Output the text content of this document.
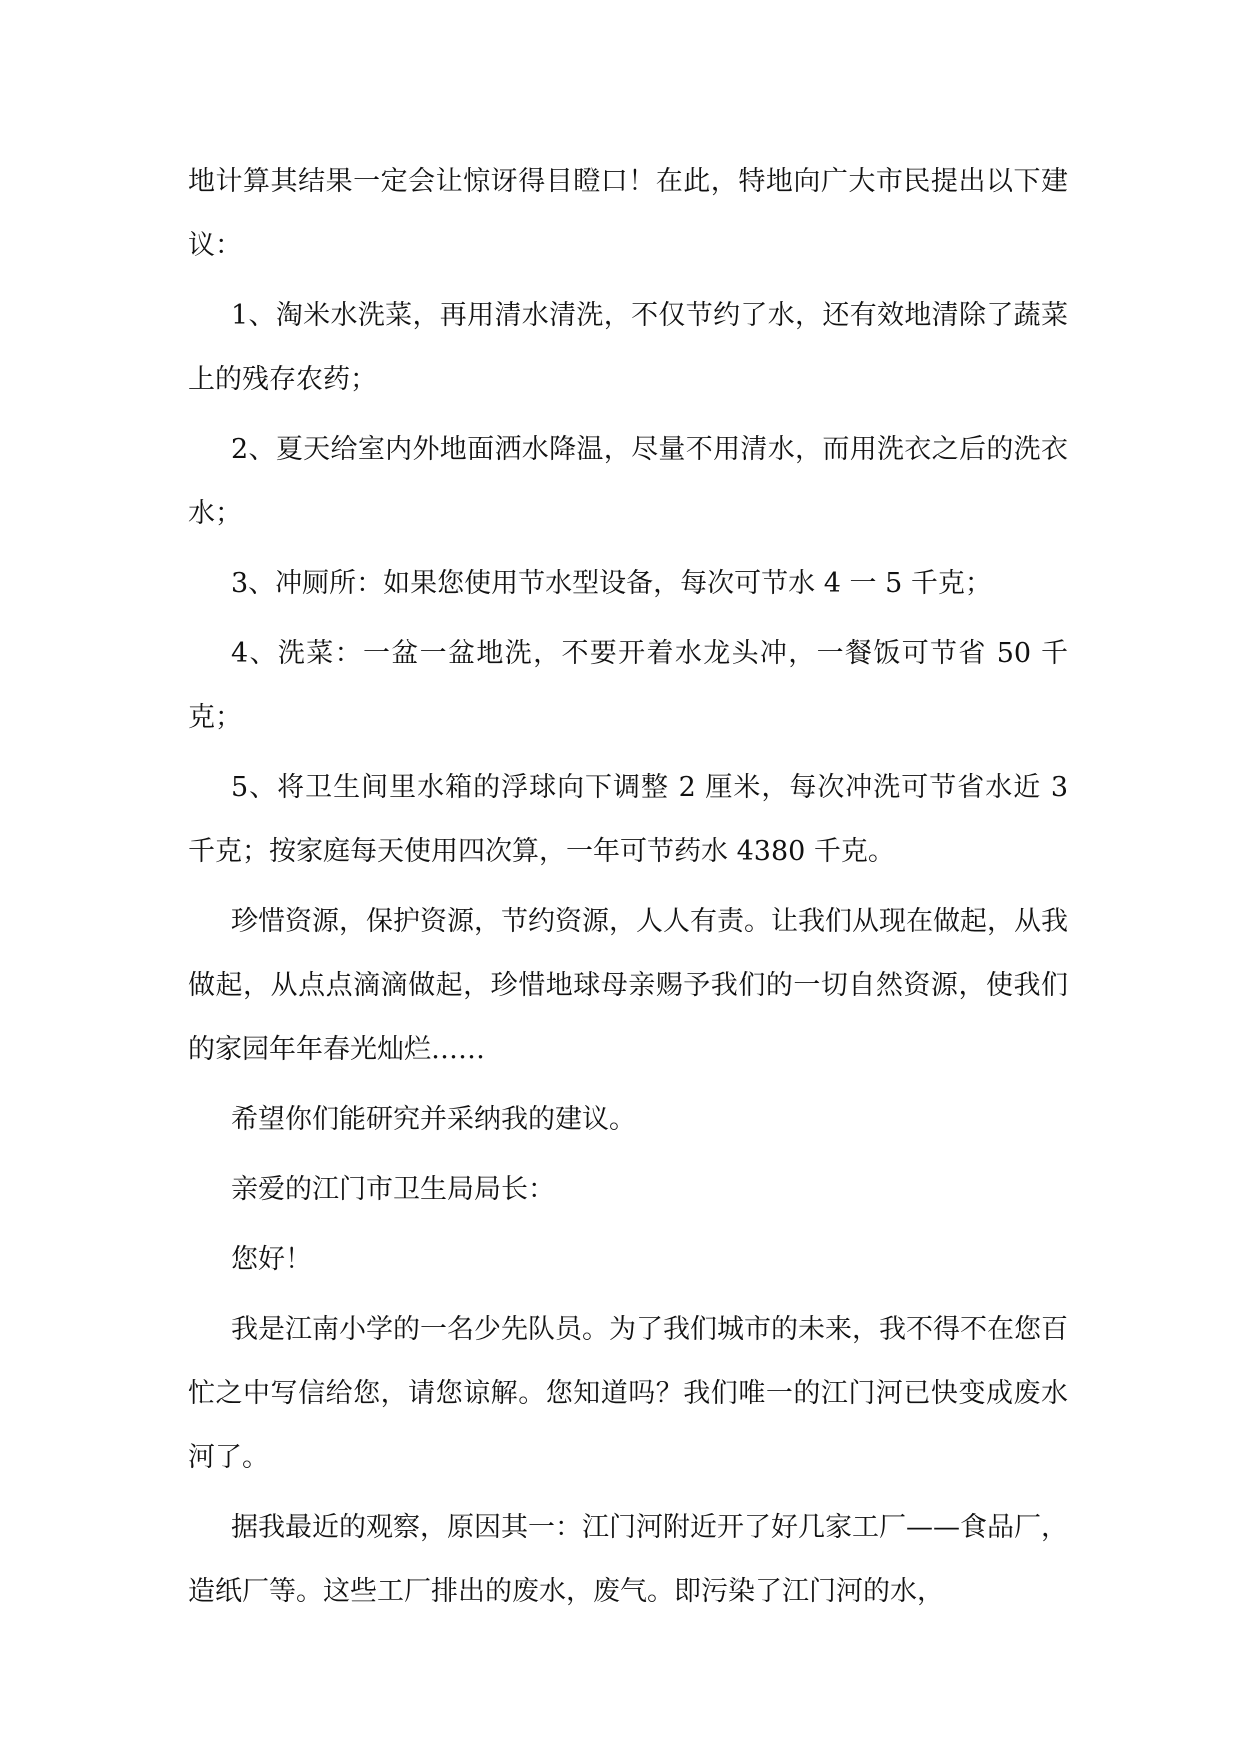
地计算其结果一定会让惊讶得目瞪口！在此，特地向广大市民提出以下建议：

1、淘米水洗菜，再用清水清洗，不仅节约了水，还有效地清除了蔬菜上的残存农药；

2、夏天给室内外地面洒水降温，尽量不用清水，而用洗衣之后的洗衣水；

3、冲厕所：如果您使用节水型设备，每次可节水 4 一 5 千克；

4、洗菜：一盆一盆地洗，不要开着水龙头冲，一餐饭可节省 50 千克；

5、将卫生间里水箱的浮球向下调整 2 厘米，每次冲洗可节省水近 3 千克；按家庭每天使用四次算，一年可节药水 4380 千克。

珍惜资源，保护资源，节约资源，人人有责。让我们从现在做起，从我做起，从点点滴滴做起，珍惜地球母亲赐予我们的一切自然资源，使我们的家园年年春光灿烂……

希望你们能研究并采纳我的建议。

亲爱的江门市卫生局局长：

您好！

我是江南小学的一名少先队员。为了我们城市的未来，我不得不在您百忙之中写信给您，请您谅解。您知道吗？我们唯一的江门河已快变成废水河了。

据我最近的观察，原因其一：江门河附近开了好几家工厂——食品厂，造纸厂等。这些工厂排出的废水，废气。即污染了江门河的水，
